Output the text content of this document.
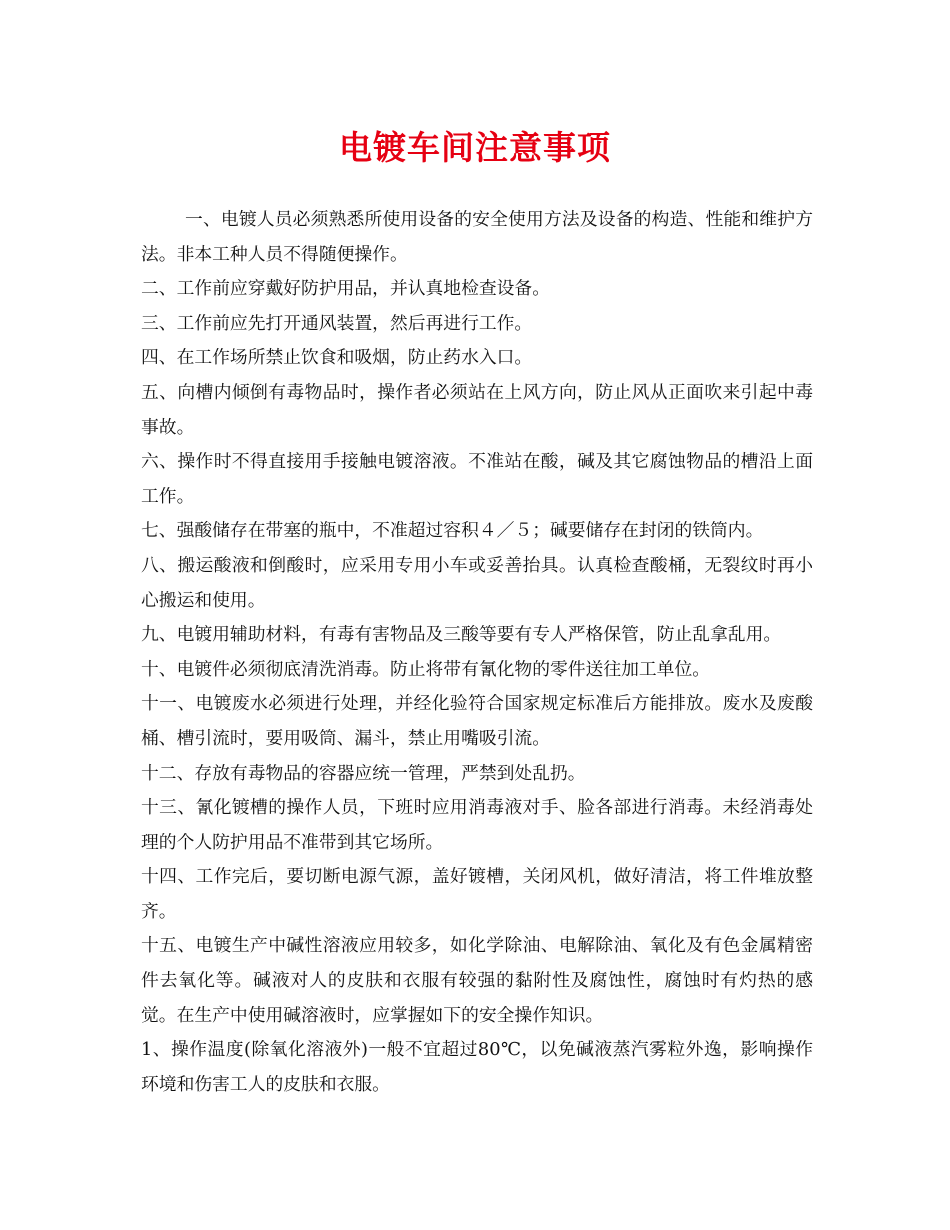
电镀车间注意事项

一、电镀人员必须熟悉所使用设备的安全使用方法及设备的构造、性能和维护方法。非本工种人员不得随便操作。

二、工作前应穿戴好防护用品，并认真地检查设备。

三、工作前应先打开通风装置，然后再进行工作。

四、在工作场所禁止饮食和吸烟，防止药水入口。

五、向槽内倾倒有毒物品时，操作者必须站在上风方向，防止风从正面吹来引起中毒事故。

六、操作时不得直接用手接触电镀溶液。不准站在酸，碱及其它腐蚀物品的槽沿上面工作。

七、强酸储存在带塞的瓶中，不准超过容积４／５；碱要储存在封闭的铁筒内。

八、搬运酸液和倒酸时，应采用专用小车或妥善抬具。认真检查酸桶，无裂纹时再小心搬运和使用。

九、电镀用辅助材料，有毒有害物品及三酸等要有专人严格保管，防止乱拿乱用。

十、电镀件必须彻底清洗消毒。防止将带有氰化物的零件送往加工单位。

十一、电镀废水必须进行处理，并经化验符合国家规定标准后方能排放。废水及废酸桶、槽引流时，要用吸筒、漏斗，禁止用嘴吸引流。

十二、存放有毒物品的容器应统一管理，严禁到处乱扔。

十三、氰化镀槽的操作人员，下班时应用消毒液对手、脸各部进行消毒。未经消毒处理的个人防护用品不准带到其它场所。

十四、工作完后，要切断电源气源，盖好镀槽，关闭风机，做好清洁，将工件堆放整齐。

十五、电镀生产中碱性溶液应用较多，如化学除油、电解除油、氧化及有色金属精密件去氧化等。碱液对人的皮肤和衣服有较强的黏附性及腐蚀性，腐蚀时有灼热的感觉。在生产中使用碱溶液时，应掌握如下的安全操作知识。

1、操作温度(除氧化溶液外)一般不宜超过80℃，以免碱液蒸汽雾粒外逸，影响操作环境和伤害工人的皮肤和衣服。
